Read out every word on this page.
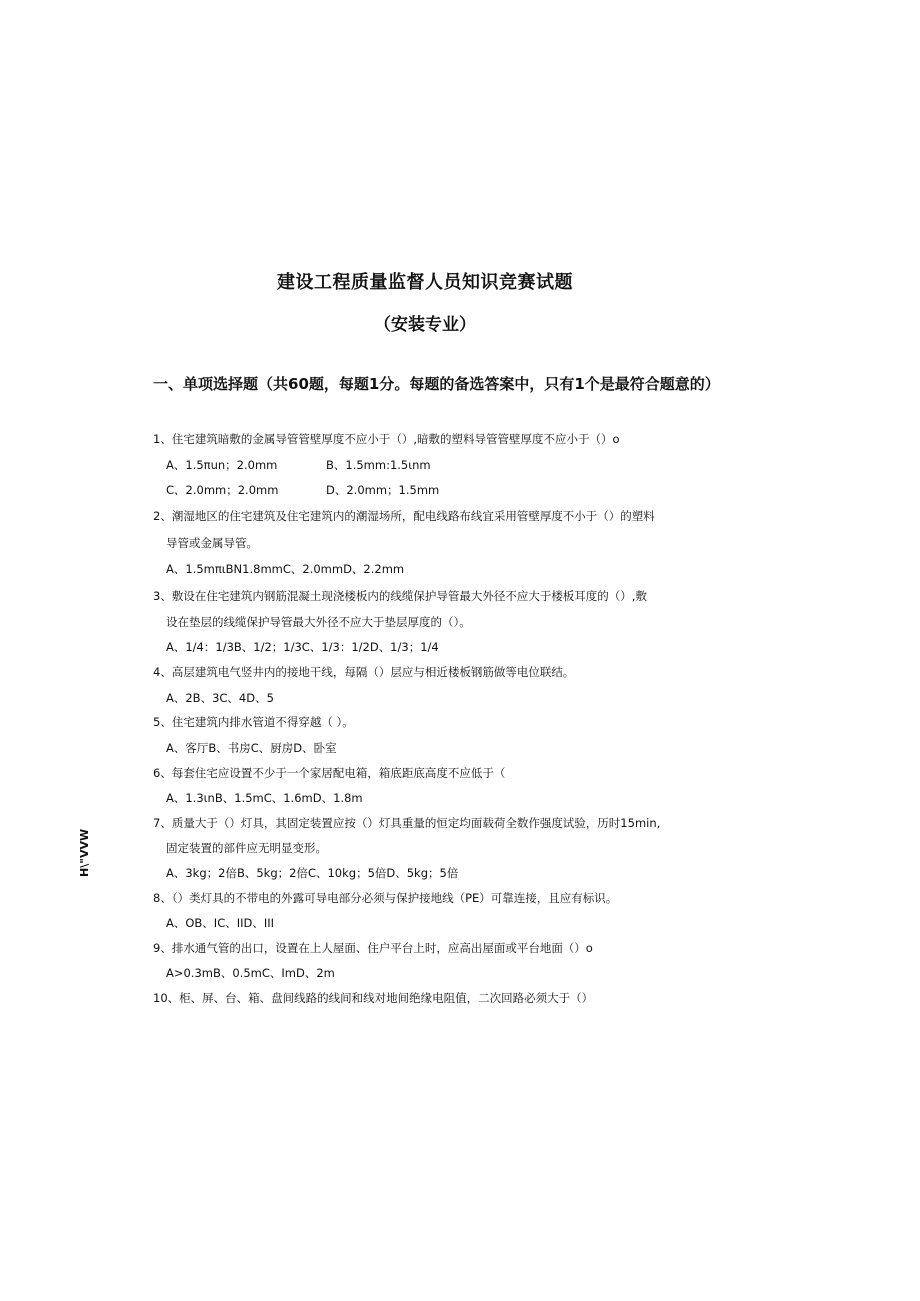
建设工程质量监督人员知识竞赛试题
（安装专业）
一、单项选择题（共60题，每题1分。每题的备选答案中，只有1个是最符合题意的）
1、住宅建筑暗敷的金属导管管壁厚度不应小于（）,暗敷的塑料导管管壁厚度不应小于（）o
A、1.5πun；2.0mm	B、1.5mm:1.5ιnm
C、2.0mm；2.0mm	D、2.0mm；1.5mm
2、潮湿地区的住宅建筑及住宅建筑内的潮湿场所，配电线路布线宜采用管壁厚度不小于（）的塑料
导管或金属导管。
A、1.5mπιBN1.8mmC、2.0mmD、2.2mm
3、敷设在住宅建筑内钢筋混凝土现浇楼板内的线缆保护导管最大外径不应大于楼板耳度的（）,敷
设在垫层的线缆保护导管最大外径不应大于垫层厚度的（）。
A、1/4：1/3B、1/2；1/3C、1/3：1/2D、1/3；1/4
4、高层建筑电气竖井内的接地干线，每隔（）层应与相近楼板钢筋做等电位联结。
A、2B、3C、4D、5
5、住宅建筑内排水管道不得穿越（ ）。
A、客厅B、书房C、厨房D、卧室
6、每套住宅应设置不少于一个家居配电箱，箱底距底高度不应低于（
A、1.3ιnB、1.5mC、1.6mD、1.8m
7、质量大于（）灯具，其固定装置应按（）灯具重量的恒定均面载荷全数作强度试验，历时15min,
固定装置的部件应无明显变形。
A、3kg；2倍B、5kg；2倍C、10kg；5倍D、5kg；5倍
8、（）类灯具的不带电的外露可导电部分必须与保护接地线（PE）可靠连接，且应有标识。
A、OB、IC、IID、III
9、排水通气管的出口，设置在上人屋面、住户平台上时，应高出屋面或平台地面（）o
A>0.3mB、0.5mC、ImD、2m
10、柜、屏、台、箱、盘间线路的线间和线对地间绝缘电阻值，二次回路必须大于（）
H\"VVW
